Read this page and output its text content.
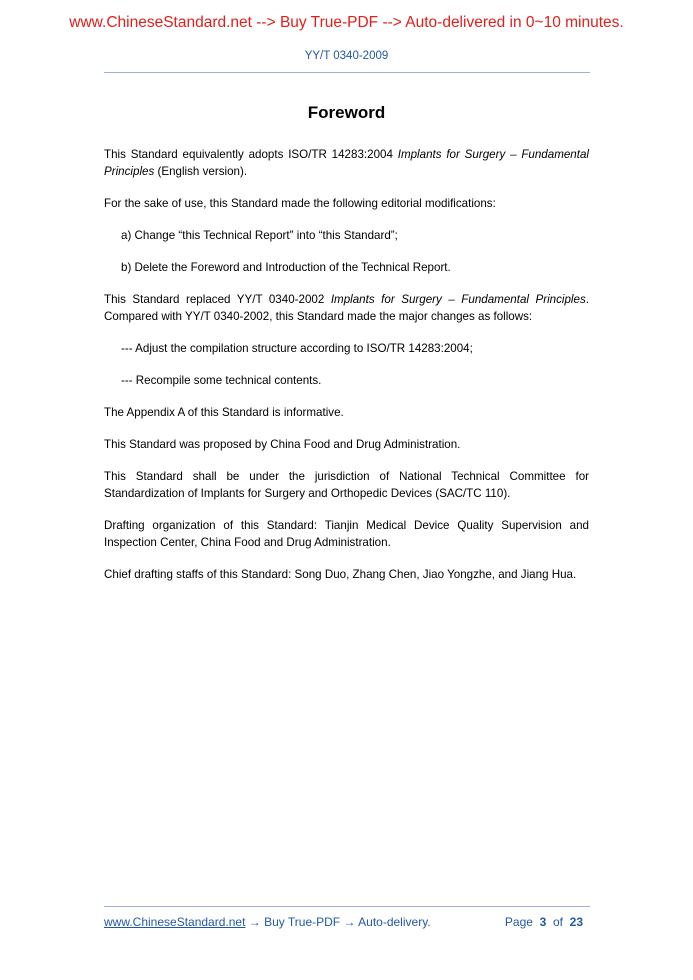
www.ChineseStandard.net --> Buy True-PDF --> Auto-delivered in 0~10 minutes.
YY/T 0340-2009
Foreword

This Standard equivalently adopts ISO/TR 14283:2004 Implants for Surgery – Fundamental Principles (English version).

For the sake of use, this Standard made the following editorial modifications:

a) Change “this Technical Report” into “this Standard”;

b) Delete the Foreword and Introduction of the Technical Report.

This Standard replaced YY/T 0340-2002 Implants for Surgery – Fundamental Principles. Compared with YY/T 0340-2002, this Standard made the major changes as follows:

--- Adjust the compilation structure according to ISO/TR 14283:2004;

--- Recompile some technical contents.

The Appendix A of this Standard is informative.

This Standard was proposed by China Food and Drug Administration.

This Standard shall be under the jurisdiction of National Technical Committee for Standardization of Implants for Surgery and Orthopedic Devices (SAC/TC 110).

Drafting organization of this Standard: Tianjin Medical Device Quality Supervision and Inspection Center, China Food and Drug Administration.

Chief drafting staffs of this Standard: Song Duo, Zhang Chen, Jiao Yongzhe, and Jiang Hua.

www.ChineseStandard.net → Buy True-PDF → Auto-delivery.	Page 3 of 23
